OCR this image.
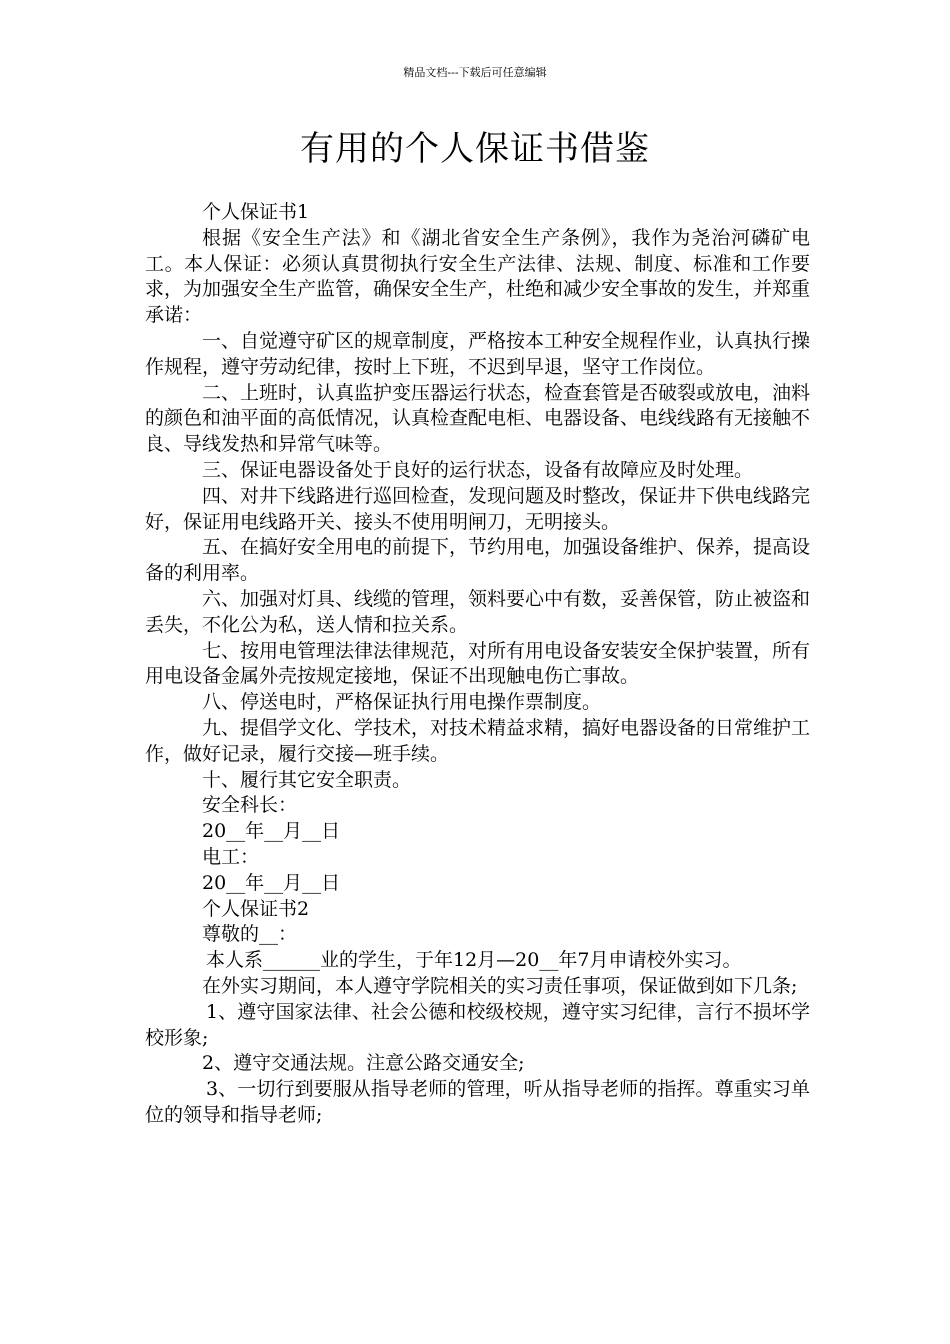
精品文档---下载后可任意编辑
有用的个人保证书借鉴

个人保证书1

根据《安全生产法》和《湖北省安全生产条例》，我作为尧治河磷矿电工。本人保证：必须认真贯彻执行安全生产法律、法规、制度、标准和工作要求，为加强安全生产监管，确保安全生产，杜绝和减少安全事故的发生，并郑重承诺：

一、自觉遵守矿区的规章制度，严格按本工种安全规程作业，认真执行操作规程，遵守劳动纪律，按时上下班，不迟到早退，坚守工作岗位。

二、上班时，认真监护变压器运行状态，检查套管是否破裂或放电，油料的颜色和油平面的高低情况，认真检查配电柜、电器设备、电线线路有无接触不良、导线发热和异常气味等。

三、保证电器设备处于良好的运行状态，设备有故障应及时处理。

四、对井下线路进行巡回检查，发现问题及时整改，保证井下供电线路完好，保证用电线路开关、接头不使用明闸刀，无明接头。

五、在搞好安全用电的前提下，节约用电，加强设备维护、保养，提高设备的利用率。

六、加强对灯具、线缆的管理，领料要心中有数，妥善保管，防止被盗和丢失，不化公为私，送人情和拉关系。

七、按用电管理法律法律规范，对所有用电设备安装安全保护装置，所有用电设备金属外壳按规定接地，保证不出现触电伤亡事故。

八、停送电时，严格保证执行用电操作票制度。

九、提倡学文化、学技术，对技术精益求精，搞好电器设备的日常维护工作，做好记录，履行交接—班手续。

十、履行其它安全职责。

安全科长：

20__年__月__日

电工：

20__年__月__日

个人保证书2

尊敬的__：

本人系______业的学生，于年12月—20__年7月申请校外实习。

在外实习期间，本人遵守学院相关的实习责任事项，保证做到如下几条;

1、遵守国家法律、社会公德和校级校规，遵守实习纪律，言行不损坏学校形象;

2、遵守交通法规。注意公路交通安全;

3、一切行到要服从指导老师的管理，听从指导老师的指挥。尊重实习单位的领导和指导老师;
